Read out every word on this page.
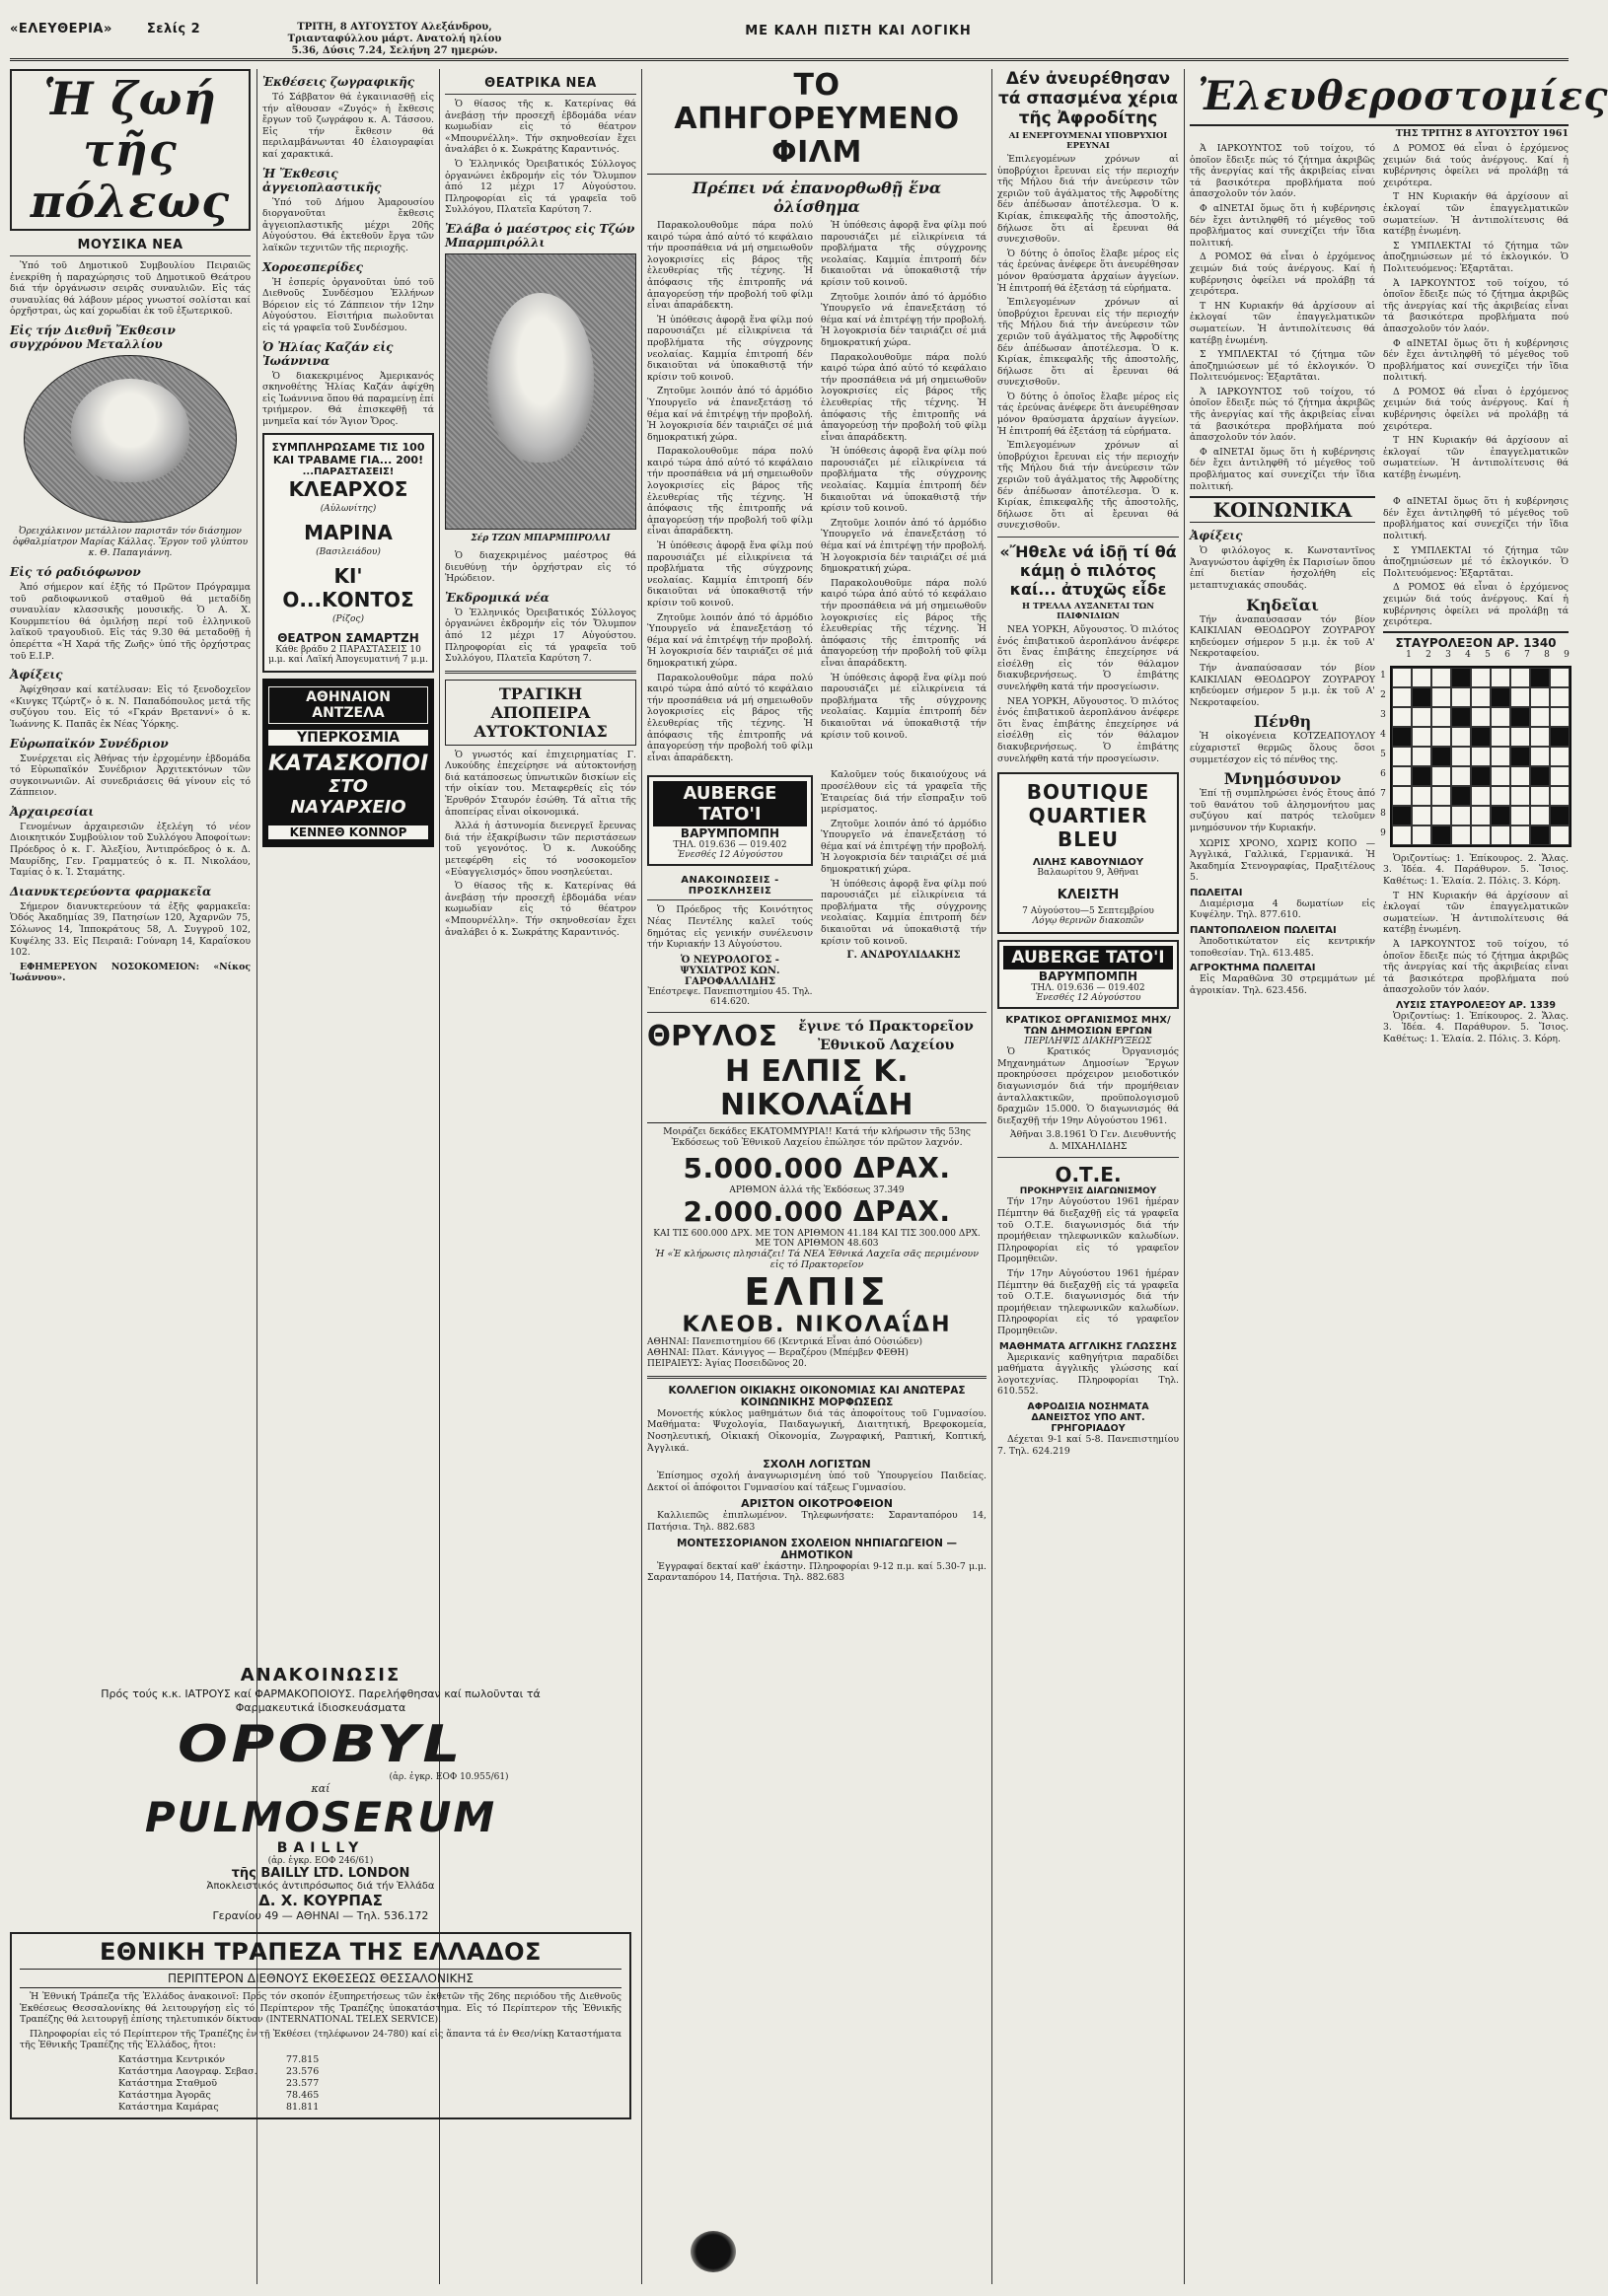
«ΕΛΕΥΘΕΡΙΑ»	Σελίς 2	ΤΡΙΤΗ, 8 ΑΥΓΟΥΣΤΟΥ Αλεξάνδρου, Τριανταφύλλου μάρτ. Ανατολή ηλίου 5.36, Δύσις 7.24, Σελήνη 27 ημερών.
ΜΕ ΚΑΛΗ ΠΙΣΤΗ ΚΑΙ ΛΟΓΙΚΗ
Ἡ ζωή τῆς πόλεως
ΜΟΥΣΙΚΑ ΝΕΑ

Ὑπό τοῦ Δημοτικοῦ Συμβουλίου Πειραιῶς ἐνεκρίθη ἡ παραχώρησις τοῦ Δημοτικοῦ Θεάτρου διά τήν ὀργάνωσιν σειρᾶς συναυλιῶν. Εἰς τάς συναυλίας θά λάβουν μέρος γνωστοί σολίσται καί ὀρχῆστραι, ὡς καί χορωδίαι ἐκ τοῦ ἐξωτερικοῦ.

Εἰς τήν Διεθνῆ Ἔκθεσιν συγχρόνου Μεταλλίου
Ὀρειχάλκινον μετάλλιον παριστᾶν τόν διάσημον ὀφθαλμίατρον Μαρίας Κάλλας. Ἔργον τοῦ γλύπτου κ. Θ. Παπαγιάννη.
Εἰς τό ραδιόφωνον

Ἀπό σήμερον καί ἑξῆς τό Πρῶτον Πρόγραμμα τοῦ ραδιοφωνικοῦ σταθμοῦ θά μεταδίδῃ συναυλίαν κλασσικῆς μουσικῆς. Ὁ Α. Χ. Κουρμπετίου θά ὁμιλήσῃ περί τοῦ ἑλληνικοῦ λαϊκοῦ τραγουδιοῦ. Εἰς τάς 9.30 θά μεταδοθῇ ἡ ὀπερέττα «Ἡ Χαρά τῆς Ζωῆς» ὑπό τῆς ὀρχήστρας τοῦ Ε.Ι.Ρ.

Ἀφίξεις

Ἀφίχθησαν καί κατέλυσαν: Εἰς τό ξενοδοχεῖον «Κινγκς Τζώρτζ» ὁ κ. Ν. Παπαδόπουλος μετά τῆς συζύγου του. Εἰς τό «Γκράν Βρεταννί» ὁ κ. Ἰωάννης Κ. Παπᾶς ἐκ Νέας Ὑόρκης.

Εὐρωπαϊκόν Συνέδριον

Συνέρχεται εἰς Ἀθήνας τήν ἐρχομένην ἑβδομάδα τό Εὐρωπαϊκόν Συνέδριον Ἀρχιτεκτόνων τῶν συγκοινωνιῶν. Αἱ συνεδριάσεις θά γίνουν εἰς τό Ζάππειον.

Ἀρχαιρεσίαι

Γενομένων ἀρχαιρεσιῶν ἐξελέγη τό νέον Διοικητικόν Συμβούλιον τοῦ Συλλόγου Ἀποφοίτων: Πρόεδρος ὁ κ. Γ. Ἀλεξίου, Ἀντιπρόεδρος ὁ κ. Δ. Μαυρίδης, Γεν. Γραμματεύς ὁ κ. Π. Νικολάου, Ταμίας ὁ κ. Ἰ. Σταμάτης.

Διανυκτερεύοντα φαρμακεῖα

Σήμερον διανυκτερεύουν τά ἑξῆς φαρμακεῖα: Ὁδός Ἀκαδημίας 39, Πατησίων 120, Ἀχαρνῶν 75, Σόλωνος 14, Ἱπποκράτους 58, Λ. Συγγροῦ 102, Κυψέλης 33. Εἰς Πειραιᾶ: Γούναρη 14, Καραΐσκου 102.

ΕΦΗΜΕΡΕΥΟΝ ΝΟΣΟΚΟΜΕΙΟΝ: «Νίκος Ἰωάννου».

Ἐκθέσεις ζωγραφικῆς

Τό Σάββατον θά ἐγκαινιασθῇ εἰς τήν αἴθουσαν «Ζυγός» ἡ ἔκθεσις ἔργων τοῦ ζωγράφου κ. Α. Τάσσου. Εἰς τήν ἔκθεσιν θά περιλαμβάνωνται 40 ἐλαιογραφίαι καί χαρακτικά.

Ἡ Ἔκθεσις ἀγγειοπλαστικῆς

Ὑπό τοῦ Δήμου Ἀμαρουσίου διοργανοῦται ἔκθεσις ἀγγειοπλαστικῆς μέχρι 20ῆς Αὐγούστου. Θά ἐκτεθοῦν ἔργα τῶν λαϊκῶν τεχνιτῶν τῆς περιοχῆς.

Χοροεσπερίδες

Ἡ ἑσπερίς ὀργανοῦται ὑπό τοῦ Διεθνοῦς Συνδέσμου Ἑλλήνων Βόρειον εἰς τό Ζάππειον τήν 12ην Αὐγούστου. Εἰσιτήρια πωλοῦνται εἰς τά γραφεῖα τοῦ Συνδέσμου.

Ὁ Ἠλίας Καζάν εἰς Ἰωάννινα

Ὁ διακεκριμένος Ἀμερικανός σκηνοθέτης Ἠλίας Καζάν ἀφίχθη εἰς Ἰωάννινα ὅπου θά παραμείνῃ ἐπί τριήμερον. Θά ἐπισκεφθῇ τά μνημεῖα καί τόν Ἅγιον Ὄρος.

ΣΥΜΠΛΗΡΩΣΑΜΕ ΤΙΣ 100 ΚΑΙ ΤΡΑΒΑΜΕ ΓΙΑ... 200!
...ΠΑΡΑΣΤΑΣΕΙΣ!
ΚΛΕΑΡΧΟΣ
(Αὐλωνίτης)
ΜΑΡΙΝΑ
(Βασιλειάδου)
ΚΙ' Ο...ΚΟΝΤΟΣ
(Ρίζος)
ΘΕΑΤΡΟΝ ΣΑΜΑΡΤΖΗ
Κάθε βράδυ 2 ΠΑΡΑΣΤΑΣΕΙΣ 10 μ.μ. καί Λαϊκή Ἀπογευματινή 7 μ.μ.
ΑΘΗΝΑΙΟΝ ΑΝΤΖΕΛΑ
ΥΠΕΡΚΟΣΜΙΑ
ΚΑΤΑΣΚΟΠΟΙ
ΣΤΟ ΝΑΥΑΡΧΕΙΟ
ΚΕΝΝΕΘ ΚΟΝΝΟΡ
ΘΕΑΤΡΙΚΑ ΝΕΑ

Ὁ θίασος τῆς κ. Κατερίνας θά ἀνεβάσῃ τήν προσεχῆ ἑβδομάδα νέαν κωμωδίαν εἰς τό θέατρον «Μπουρνέλλη». Τήν σκηνοθεσίαν ἔχει ἀναλάβει ὁ κ. Σωκράτης Καραντινός.

Ὁ Ἑλληνικός Ὀρειβατικός Σύλλογος ὀργανώνει ἐκδρομήν εἰς τόν Ὄλυμπον ἀπό 12 μέχρι 17 Αὐγούστου. Πληροφορίαι εἰς τά γραφεῖα τοῦ Συλλόγου, Πλατεῖα Καρύτση 7.

Ἐλάβα ὁ μαέστρος εἰς Τζών Μπαρμπιρόλλι
Σέρ ΤΖΩΝ ΜΠΑΡΜΠΙΡΟΛΛΙ

Ὁ διαχεκριμένος μαέστρος θά διευθύνῃ τήν ὀρχήστραν εἰς τό Ἡρώδειον.

Ἐκδρομικά νέα

Ὁ Ἑλληνικός Ὀρειβατικός Σύλλογος ὀργανώνει ἐκδρομήν εἰς τόν Ὄλυμπον ἀπό 12 μέχρι 17 Αὐγούστου. Πληροφορίαι εἰς τά γραφεῖα τοῦ Συλλόγου, Πλατεῖα Καρύτση 7.

ΤΡΑΓΙΚΗ ΑΠΟΠΕΙΡΑ ΑΥΤΟΚΤΟΝΙΑΣ

Ὁ γνωστός καί ἐπιχειρηματίας Γ. Λυκούδης ἐπεχείρησε νά αὐτοκτονήσῃ διά κατάποσεως ὑπνωτικῶν δισκίων εἰς τήν οἰκίαν του. Μεταφερθείς εἰς τόν Ἐρυθρόν Σταυρόν ἐσώθη. Τά αἴτια τῆς ἀποπείρας εἶναι οἰκονομικά.

Ἀλλά ἡ ἀστυνομία διενεργεῖ ἔρευνας διά τήν ἐξακρίβωσιν τῶν περιστάσεων τοῦ γεγονότος. Ὁ κ. Λυκούδης μετεφέρθη εἰς τό νοσοκομεῖον «Εὐαγγελισμός» ὅπου νοσηλεύεται.

Ὁ θίασος τῆς κ. Κατερίνας θά ἀνεβάσῃ τήν προσεχῆ ἑβδομάδα νέαν κωμωδίαν εἰς τό θέατρον «Μπουρνέλλη». Τήν σκηνοθεσίαν ἔχει ἀναλάβει ὁ κ. Σωκράτης Καραντινός.

ΑΝΑΚΟΙΝΩΣΙΣ
Πρός τούς κ.κ. ΙΑΤΡΟΥΣ καί ΦΑΡΜΑΚΟΠΟΙΟΥΣ. Παρελήφθησαν καί πωλοῦνται τά Φαρμακευτικά ἰδιοσκευάσματα
OPOBYL
(ἀρ. ἐγκρ. ΕΟΦ 10.955/61)
καί
PULMOSERUM
BAILLY
(ἀρ. ἐγκρ. ΕΟΦ 246/61)
τῆς BAILLY LTD. LONDON
Ἀποκλειστικός ἀντιπρόσωπος διά τήν Ἑλλάδα
Δ. Χ. ΚΟΥΡΠΑΣ
Γερανίου 49 — ΑΘΗΝΑΙ — Τηλ. 536.172
ΕΘΝΙΚΗ ΤΡΑΠΕΖΑ ΤΗΣ ΕΛΛΑΔΟΣ
ΠΕΡΙΠΤΕΡΟΝ ΔΙΕΘΝΟΥΣ ΕΚΘΕΣΕΩΣ ΘΕΣΣΑΛΟΝΙΚΗΣ

Ἡ Ἐθνική Τράπεζα τῆς Ἑλλάδος ἀνακοινοῖ: Πρός τόν σκοπόν ἐξυπηρετήσεως τῶν ἐκθετῶν τῆς 26ης περιόδου τῆς Διεθνοῦς Ἐκθέσεως Θεσσαλονίκης θά λειτουργήσῃ εἰς τό Περίπτερον τῆς Τραπέζης ὑποκατάστημα. Εἰς τό Περίπτερον τῆς Ἐθνικῆς Τραπέζης θά λειτουργῇ ἐπίσης τηλετυπικόν δίκτυον (INTERNATIONAL TELEX SERVICE).

Πληροφορίαι εἰς τό Περίπτερον τῆς Τραπέζης ἐν τῇ Ἐκθέσει (τηλέφωνον 24-780) καί εἰς ἅπαντα τά ἐν Θεσ/νίκῃ Καταστήματα τῆς Ἐθνικῆς Τραπέζης τῆς Ἑλλάδος, ἤτοι:

Κατάστημα Κεντρικόν	77.815
Κατάστημα Λαογραφ. Σεβασ.	23.576
Κατάστημα Σταθμοῦ	23.577
Κατάστημα Ἀγορᾶς	78.465
Κατάστημα Καμάρας	81.811
ΤΟ ΑΠΗΓΟΡΕΥΜΕΝΟ ΦΙΛΜ
Πρέπει νά ἐπανορθωθῇ ἕνα ὀλίσθημα

Παρακολουθοῦμε πάρα πολύ καιρό τώρα ἀπό αὐτό τό κεφάλαιο τήν προσπάθεια νά μή σημειωθοῦν λογοκρισίες εἰς βάρος τῆς ἐλευθερίας τῆς τέχνης. Ἡ ἀπόφασις τῆς ἐπιτροπῆς νά ἀπαγορεύσῃ τήν προβολή τοῦ φίλμ εἶναι ἀπαράδεκτη.

Ἡ ὑπόθεσις ἀφορᾷ ἕνα φίλμ πού παρουσιάζει μέ εἰλικρίνεια τά προβλήματα τῆς σύγχρονης νεολαίας. Καμμία ἐπιτροπή δέν δικαιοῦται νά ὑποκαθιστᾷ τήν κρίσιν τοῦ κοινοῦ.

Ζητοῦμε λοιπόν ἀπό τό ἁρμόδιο Ὑπουργεῖο νά ἐπανεξετάσῃ τό θέμα καί νά ἐπιτρέψῃ τήν προβολή. Ἡ λογοκρισία δέν ταιριάζει σέ μιά δημοκρατική χώρα.

Παρακολουθοῦμε πάρα πολύ καιρό τώρα ἀπό αὐτό τό κεφάλαιο τήν προσπάθεια νά μή σημειωθοῦν λογοκρισίες εἰς βάρος τῆς ἐλευθερίας τῆς τέχνης. Ἡ ἀπόφασις τῆς ἐπιτροπῆς νά ἀπαγορεύσῃ τήν προβολή τοῦ φίλμ εἶναι ἀπαράδεκτη.

Ἡ ὑπόθεσις ἀφορᾷ ἕνα φίλμ πού παρουσιάζει μέ εἰλικρίνεια τά προβλήματα τῆς σύγχρονης νεολαίας. Καμμία ἐπιτροπή δέν δικαιοῦται νά ὑποκαθιστᾷ τήν κρίσιν τοῦ κοινοῦ.

Ζητοῦμε λοιπόν ἀπό τό ἁρμόδιο Ὑπουργεῖο νά ἐπανεξετάσῃ τό θέμα καί νά ἐπιτρέψῃ τήν προβολή. Ἡ λογοκρισία δέν ταιριάζει σέ μιά δημοκρατική χώρα.

Παρακολουθοῦμε πάρα πολύ καιρό τώρα ἀπό αὐτό τό κεφάλαιο τήν προσπάθεια νά μή σημειωθοῦν λογοκρισίες εἰς βάρος τῆς ἐλευθερίας τῆς τέχνης. Ἡ ἀπόφασις τῆς ἐπιτροπῆς νά ἀπαγορεύσῃ τήν προβολή τοῦ φίλμ εἶναι ἀπαράδεκτη.

Ἡ ὑπόθεσις ἀφορᾷ ἕνα φίλμ πού παρουσιάζει μέ εἰλικρίνεια τά προβλήματα τῆς σύγχρονης νεολαίας. Καμμία ἐπιτροπή δέν δικαιοῦται νά ὑποκαθιστᾷ τήν κρίσιν τοῦ κοινοῦ.

Ζητοῦμε λοιπόν ἀπό τό ἁρμόδιο Ὑπουργεῖο νά ἐπανεξετάσῃ τό θέμα καί νά ἐπιτρέψῃ τήν προβολή. Ἡ λογοκρισία δέν ταιριάζει σέ μιά δημοκρατική χώρα.

Παρακολουθοῦμε πάρα πολύ καιρό τώρα ἀπό αὐτό τό κεφάλαιο τήν προσπάθεια νά μή σημειωθοῦν λογοκρισίες εἰς βάρος τῆς ἐλευθερίας τῆς τέχνης. Ἡ ἀπόφασις τῆς ἐπιτροπῆς νά ἀπαγορεύσῃ τήν προβολή τοῦ φίλμ εἶναι ἀπαράδεκτη.

Ἡ ὑπόθεσις ἀφορᾷ ἕνα φίλμ πού παρουσιάζει μέ εἰλικρίνεια τά προβλήματα τῆς σύγχρονης νεολαίας. Καμμία ἐπιτροπή δέν δικαιοῦται νά ὑποκαθιστᾷ τήν κρίσιν τοῦ κοινοῦ.

Ζητοῦμε λοιπόν ἀπό τό ἁρμόδιο Ὑπουργεῖο νά ἐπανεξετάσῃ τό θέμα καί νά ἐπιτρέψῃ τήν προβολή. Ἡ λογοκρισία δέν ταιριάζει σέ μιά δημοκρατική χώρα.

Παρακολουθοῦμε πάρα πολύ καιρό τώρα ἀπό αὐτό τό κεφάλαιο τήν προσπάθεια νά μή σημειωθοῦν λογοκρισίες εἰς βάρος τῆς ἐλευθερίας τῆς τέχνης. Ἡ ἀπόφασις τῆς ἐπιτροπῆς νά ἀπαγορεύσῃ τήν προβολή τοῦ φίλμ εἶναι ἀπαράδεκτη.

Ἡ ὑπόθεσις ἀφορᾷ ἕνα φίλμ πού παρουσιάζει μέ εἰλικρίνεια τά προβλήματα τῆς σύγχρονης νεολαίας. Καμμία ἐπιτροπή δέν δικαιοῦται νά ὑποκαθιστᾷ τήν κρίσιν τοῦ κοινοῦ.

AUBERGE TATO'I
ΒΑΡΥΜΠΟΜΠΗ
ΤΗΛ. 019.636 — 019.402
Ἐνεσθές 12 Αὐγούστου
ΑΝΑΚΟΙΝΩΣΕΙΣ - ΠΡΟΣΚΛΗΣΕΙΣ

Ὁ Πρόεδρος τῆς Κοινότητος Νέας Πεντέλης καλεῖ τούς δημότας εἰς γενικήν συνέλευσιν τήν Κυριακήν 13 Αὐγούστου.

Ὁ ΝΕΥΡΟΛΟΓΟΣ - ΨΥΧΙΑΤΡΟΣ ΚΩΝ. ΓΑΡΟΦΑΛΛΙΔΗΣ
Ἐπέστρεψε. Πανεπιστημίου 45. Τηλ. 614.620.

Καλοῦμεν τούς δικαιούχους νά προσέλθουν εἰς τά γραφεῖα τῆς Ἑταιρείας διά τήν εἴσπραξιν τοῦ μερίσματος.

Ζητοῦμε λοιπόν ἀπό τό ἁρμόδιο Ὑπουργεῖο νά ἐπανεξετάσῃ τό θέμα καί νά ἐπιτρέψῃ τήν προβολή. Ἡ λογοκρισία δέν ταιριάζει σέ μιά δημοκρατική χώρα.

Ἡ ὑπόθεσις ἀφορᾷ ἕνα φίλμ πού παρουσιάζει μέ εἰλικρίνεια τά προβλήματα τῆς σύγχρονης νεολαίας. Καμμία ἐπιτροπή δέν δικαιοῦται νά ὑποκαθιστᾷ τήν κρίσιν τοῦ κοινοῦ.

Γ. ΑΝΔΡΟΥΛΙΔΑΚΗΣ
ΘΡΥΛΟΣ	ἔγινε τό Πρακτορεῖον Ἐθνικοῦ Λαχείου
Η ΕΛΠΙΣ Κ. ΝΙΚΟΛΑΐΔΗ
Μοιράζει δεκάδες ΕΚΑΤΟΜΜΥΡΙΑ!! Κατά τήν κλήρωσιν τῆς 53ης Ἐκδόσεως τοῦ Ἐθνικοῦ Λαχείου ἐπώλησε τόν πρῶτον λαχνόν.
5.000.000 ΔΡΑΧ.
ΑΡΙΘΜΟΝ ἀλλά τῆς Ἐκδόσεως 37.349
2.000.000 ΔΡΑΧ.
ΚΑΙ ΤΙΣ 600.000 ΔΡΧ. ΜΕ ΤΟΝ ΑΡΙΘΜΟΝ 41.184 ΚΑΙ ΤΙΣ 300.000 ΔΡΧ. ΜΕ ΤΟΝ ΑΡΙΘΜΟΝ 48.603
Ἡ «Ἐ κλήρωσις πλησιάζει! Τά ΝΕΑ Ἐθνικά Λαχεῖα σᾶς περιμένουν εἰς τό Πρακτορεῖον
ΕΛΠΙΣ
ΚΛΕΟΒ. ΝΙΚΟΛΑΐΔΗ
ΑΘΗΝΑΙ: Πανεπιστημίου 66 (Κεντρικά Εἶναι ἀπό Οὐσιώδεν)
ΑΘΗΝΑΙ: Πλατ. Κάνιγγος — Βεραζέρου (Μπέμβεν ΦΕΘΗ)
ΠΕΙΡΑΙΕΥΣ: Ἀγίας Ποσειδῶνος 20.
ΚΟΛΛΕΓΙΟΝ ΟΙΚΙΑΚΗΣ ΟΙΚΟΝΟΜΙΑΣ ΚΑΙ ΑΝΩΤΕΡΑΣ ΚΟΙΝΩΝΙΚΗΣ ΜΟΡΦΩΣΕΩΣ

Μονοετής κύκλος μαθημάτων διά τάς ἀποφοίτους τοῦ Γυμνασίου. Μαθήματα: Ψυχολογία, Παιδαγωγική, Διαιτητική, Βρεφοκομεία, Νοσηλευτική, Οἰκιακή Οἰκονομία, Ζωγραφική, Ραπτική, Κοπτική, Ἀγγλικά.

ΣΧΟΛΗ ΛΟΓΙΣΤΩΝ

Ἐπίσημος σχολή ἀναγνωρισμένη ὑπό τοῦ Ὑπουργείου Παιδείας. Δεκτοί οἱ ἀπόφοιτοι Γυμνασίου καί τάξεως Γυμνασίου.

ΑΡΙΣΤΟΝ ΟΙΚΟΤΡΟΦΕΙΟΝ

Καλλιεπῶς ἐπιπλωμένον. Τηλεφωνήσατε: Σαρανταπόρου 14, Πατήσια. Τηλ. 882.683

ΜΟΝΤΕΣΣΟΡΙΑΝΟΝ ΣΧΟΛΕΙΟΝ ΝΗΠΙΑΓΩΓΕΙΟΝ — ΔΗΜΟΤΙΚΟΝ

Ἐγγραφαί δεκταί καθ' ἑκάστην. Πληροφορίαι 9-12 π.μ. καί 5.30-7 μ.μ. Σαρανταπόρου 14, Πατήσια. Τηλ. 882.683

Δέν ἀνευρέθησαν τά σπασμένα χέρια τῆς Ἀφροδίτης
ΑΙ ΕΝΕΡΓΟΥΜΕΝΑΙ ΥΠΟΒΡΥΧΙΟΙ ΕΡΕΥΝΑΙ

Ἐπιλεγομένων χρόνων αἱ ὑποβρύχιοι ἔρευναι εἰς τήν περιοχήν τῆς Μήλου διά τήν ἀνεύρεσιν τῶν χεριῶν τοῦ ἀγάλματος τῆς Ἀφροδίτης δέν ἀπέδωσαν ἀποτέλεσμα. Ὁ κ. Κιρίακ, ἐπικεφαλῆς τῆς ἀποστολῆς, δήλωσε ὅτι αἱ ἔρευναι θά συνεχισθοῦν.

Ὁ δύτης ὁ ὁποῖος ἔλαβε μέρος εἰς τάς ἐρεύνας ἀνέφερε ὅτι ἀνευρέθησαν μόνον θραύσματα ἀρχαίων ἀγγείων. Ἡ ἐπιτροπή θά ἐξετάσῃ τά εὑρήματα.

Ἐπιλεγομένων χρόνων αἱ ὑποβρύχιοι ἔρευναι εἰς τήν περιοχήν τῆς Μήλου διά τήν ἀνεύρεσιν τῶν χεριῶν τοῦ ἀγάλματος τῆς Ἀφροδίτης δέν ἀπέδωσαν ἀποτέλεσμα. Ὁ κ. Κιρίακ, ἐπικεφαλῆς τῆς ἀποστολῆς, δήλωσε ὅτι αἱ ἔρευναι θά συνεχισθοῦν.

Ὁ δύτης ὁ ὁποῖος ἔλαβε μέρος εἰς τάς ἐρεύνας ἀνέφερε ὅτι ἀνευρέθησαν μόνον θραύσματα ἀρχαίων ἀγγείων. Ἡ ἐπιτροπή θά ἐξετάσῃ τά εὑρήματα.

Ἐπιλεγομένων χρόνων αἱ ὑποβρύχιοι ἔρευναι εἰς τήν περιοχήν τῆς Μήλου διά τήν ἀνεύρεσιν τῶν χεριῶν τοῦ ἀγάλματος τῆς Ἀφροδίτης δέν ἀπέδωσαν ἀποτέλεσμα. Ὁ κ. Κιρίακ, ἐπικεφαλῆς τῆς ἀποστολῆς, δήλωσε ὅτι αἱ ἔρευναι θά συνεχισθοῦν.

«Ἤθελε νά ἰδῇ τί θά κάμῃ ὁ πιλότος καί... ἀτυχῶς εἶδε
Η ΤΡΕΛΛΑ ΑΥΞΑΝΕΤΑΙ ΤΩΝ ΠΑΙΦΝΙΔΙΩΝ

ΝΕΑ ΥΟΡΚΗ, Αὔγουστος. Ὁ πιλότος ἑνός ἐπιβατικοῦ ἀεροπλάνου ἀνέφερε ὅτι ἕνας ἐπιβάτης ἐπεχείρησε νά εἰσέλθῃ εἰς τόν θάλαμον διακυβερνήσεως. Ὁ ἐπιβάτης συνελήφθη κατά τήν προσγείωσιν.

ΝΕΑ ΥΟΡΚΗ, Αὔγουστος. Ὁ πιλότος ἑνός ἐπιβατικοῦ ἀεροπλάνου ἀνέφερε ὅτι ἕνας ἐπιβάτης ἐπεχείρησε νά εἰσέλθῃ εἰς τόν θάλαμον διακυβερνήσεως. Ὁ ἐπιβάτης συνελήφθη κατά τήν προσγείωσιν.

BOUTIQUE QUARTIER BLEU
ΛΙΛΗΣ ΚΑΒΟΥΝΙΔΟΥ
Βαλαωρίτου 9, Ἀθῆναι
ΚΛΕΙΣΤΗ
7 Αὐγούστου—5 Σεπτεμβρίου
Λόγῳ θερινῶν διακοπῶν
AUBERGE TATO'I
ΒΑΡΥΜΠΟΜΠΗ
ΤΗΛ. 019.636 — 019.402
Ἐνεσθές 12 Αὐγούστου
ΚΡΑΤΙΚΟΣ ΟΡΓΑΝΙΣΜΟΣ ΜΗΧ/ΤΩΝ ΔΗΜΟΣΙΩΝ ΕΡΓΩΝ
ΠΕΡΙΛΗΨΙΣ ΔΙΑΚΗΡΥΞΕΩΣ

Ὁ Κρατικός Ὀργανισμός Μηχανημάτων Δημοσίων Ἔργων προκηρύσσει πρόχειρον μειοδοτικόν διαγωνισμόν διά τήν προμήθειαν ἀνταλλακτικῶν, προϋπολογισμοῦ δραχμῶν 15.000. Ὁ διαγωνισμός θά διεξαχθῇ τήν 19ην Αὐγούστου 1961.

Ἀθῆναι 3.8.1961 Ὁ Γεν. Διευθυντής Δ. ΜΙΧΑΗΛΙΔΗΣ

Ο.Τ.Ε.
ΠΡΟΚΗΡΥΞΙΣ ΔΙΑΓΩΝΙΣΜΟΥ

Τήν 17ην Αὐγούστου 1961 ἡμέραν Πέμπτην θά διεξαχθῇ εἰς τά γραφεῖα τοῦ Ο.Τ.Ε. διαγωνισμός διά τήν προμήθειαν τηλεφωνικῶν καλωδίων. Πληροφορίαι εἰς τό γραφεῖον Προμηθειῶν.

Τήν 17ην Αὐγούστου 1961 ἡμέραν Πέμπτην θά διεξαχθῇ εἰς τά γραφεῖα τοῦ Ο.Τ.Ε. διαγωνισμός διά τήν προμήθειαν τηλεφωνικῶν καλωδίων. Πληροφορίαι εἰς τό γραφεῖον Προμηθειῶν.

ΜΑΘΗΜΑΤΑ ΑΓΓΛΙΚΗΣ ΓΛΩΣΣΗΣ

Ἀμερικανίς καθηγήτρια παραδίδει μαθήματα ἀγγλικῆς γλώσσης καί λογοτεχνίας. Πληροφορίαι Τηλ. 610.552.

ΑΦΡΟΔΙΣΙΑ ΝΟΣΗΜΑΤΑ ΔΑΝΕΙΣΤΟΣ ΥΠΟ ΑΝΤ. ΓΡΗΓΟΡΙΑΔΟΥ

Δέχεται 9-1 καί 5-8. Πανεπιστημίου 7. Τηλ. 624.219

Ἐλευθεροστομίες
ΤΗΣ ΤΡΙΤΗΣ 8 ΑΥΓΟΥΣΤΟΥ 1961

Ἀ ΙΑΡΚΟΥΝΤΟΣ τοῦ τοίχου, τό ὁποῖον ἔδειξε πώς τό ζήτημα ἀκριβῶς τῆς ἀνεργίας καί τῆς ἀκριβείας εἶναι τά βασικότερα προβλήματα πού ἀπασχολοῦν τόν λαόν.

Φ αΙΝΕΤΑΙ ὅμως ὅτι ἡ κυβέρνησις δέν ἔχει ἀντιληφθῆ τό μέγεθος τοῦ προβλήματος καί συνεχίζει τήν ἴδια πολιτική.

Δ ΡΟΜΟΣ θά εἶναι ὁ ἐρχόμενος χειμών διά τούς ἀνέργους. Καί ἡ κυβέρνησις ὀφείλει νά προλάβῃ τά χειρότερα.

Τ ΗΝ Κυριακήν θά ἀρχίσουν αἱ ἐκλογαί τῶν ἐπαγγελματικῶν σωματείων. Ἡ ἀντιπολίτευσις θά κατέβῃ ἐνωμένη.

Σ ΥΜΠΛΕΚΤΑΙ τό ζήτημα τῶν ἀποζημιώσεων μέ τό ἐκλογικόν. Ὁ Πολιτευόμενος: Ἐξαρτᾶται.

Ἀ ΙΑΡΚΟΥΝΤΟΣ τοῦ τοίχου, τό ὁποῖον ἔδειξε πώς τό ζήτημα ἀκριβῶς τῆς ἀνεργίας καί τῆς ἀκριβείας εἶναι τά βασικότερα προβλήματα πού ἀπασχολοῦν τόν λαόν.

Φ αΙΝΕΤΑΙ ὅμως ὅτι ἡ κυβέρνησις δέν ἔχει ἀντιληφθῆ τό μέγεθος τοῦ προβλήματος καί συνεχίζει τήν ἴδια πολιτική.

Δ ΡΟΜΟΣ θά εἶναι ὁ ἐρχόμενος χειμών διά τούς ἀνέργους. Καί ἡ κυβέρνησις ὀφείλει νά προλάβῃ τά χειρότερα.

Τ ΗΝ Κυριακήν θά ἀρχίσουν αἱ ἐκλογαί τῶν ἐπαγγελματικῶν σωματείων. Ἡ ἀντιπολίτευσις θά κατέβῃ ἐνωμένη.

Σ ΥΜΠΛΕΚΤΑΙ τό ζήτημα τῶν ἀποζημιώσεων μέ τό ἐκλογικόν. Ὁ Πολιτευόμενος: Ἐξαρτᾶται.

Ἀ ΙΑΡΚΟΥΝΤΟΣ τοῦ τοίχου, τό ὁποῖον ἔδειξε πώς τό ζήτημα ἀκριβῶς τῆς ἀνεργίας καί τῆς ἀκριβείας εἶναι τά βασικότερα προβλήματα πού ἀπασχολοῦν τόν λαόν.

Φ αΙΝΕΤΑΙ ὅμως ὅτι ἡ κυβέρνησις δέν ἔχει ἀντιληφθῆ τό μέγεθος τοῦ προβλήματος καί συνεχίζει τήν ἴδια πολιτική.

Δ ΡΟΜΟΣ θά εἶναι ὁ ἐρχόμενος χειμών διά τούς ἀνέργους. Καί ἡ κυβέρνησις ὀφείλει νά προλάβῃ τά χειρότερα.

Τ ΗΝ Κυριακήν θά ἀρχίσουν αἱ ἐκλογαί τῶν ἐπαγγελματικῶν σωματείων. Ἡ ἀντιπολίτευσις θά κατέβῃ ἐνωμένη.

ΚΟΙΝΩΝΙΚΑ
Ἀφίξεις

Ὁ φιλόλογος κ. Κωνσταντῖνος Ἀναγνώστου ἀφίχθη ἐκ Παρισίων ὅπου ἐπί διετίαν ἠσχολήθη εἰς μεταπτυχιακάς σπουδάς.

Κηδεῖαι

Τήν ἀναπαύσασαν τόν βίον ΚΑΙΚΙΛΙΑΝ ΘΕΟΔΩΡΟΥ ΖΟΥΡΑΡΟΥ κηδεύομεν σήμερον 5 μ.μ. ἐκ τοῦ Α' Νεκροταφείου.

Τήν ἀναπαύσασαν τόν βίον ΚΑΙΚΙΛΙΑΝ ΘΕΟΔΩΡΟΥ ΖΟΥΡΑΡΟΥ κηδεύομεν σήμερον 5 μ.μ. ἐκ τοῦ Α' Νεκροταφείου.

Πένθη

Ἡ οἰκογένεια ΚΟΤΖΕΑΠΟΥΛΟΥ εὐχαριστεῖ θερμῶς ὅλους ὅσοι συμμετέσχον εἰς τό πένθος της.

Μνημόσυνον

Ἐπί τῇ συμπληρώσει ἑνός ἔτους ἀπό τοῦ θανάτου τοῦ ἀλησμονήτου μας συζύγου καί πατρός τελοῦμεν μνημόσυνον τήν Κυριακήν.

ΧΩΡΙΣ ΧΡΟΝΟ, ΧΩΡΙΣ ΚΟΠΟ — Ἀγγλικά, Γαλλικά, Γερμανικά. Ἡ Ἀκαδημία Στενογραφίας, Πραξιτέλους 5.

ΠΩΛΕΙΤΑΙ

Διαμέρισμα 4 δωματίων εἰς Κυψέλην. Τηλ. 877.610.

ΠΑΝΤΟΠΩΛΕΙΟΝ ΠΩΛΕΙΤΑΙ

Ἀποδοτικώτατον εἰς κεντρικήν τοποθεσίαν. Τηλ. 613.485.

ΑΓΡΟΚΤΗΜΑ ΠΩΛΕΙΤΑΙ

Εἰς Μαραθῶνα 30 στρεμμάτων μέ ἀγροικίαν. Τηλ. 623.456.

Φ αΙΝΕΤΑΙ ὅμως ὅτι ἡ κυβέρνησις δέν ἔχει ἀντιληφθῆ τό μέγεθος τοῦ προβλήματος καί συνεχίζει τήν ἴδια πολιτική.

Σ ΥΜΠΛΕΚΤΑΙ τό ζήτημα τῶν ἀποζημιώσεων μέ τό ἐκλογικόν. Ὁ Πολιτευόμενος: Ἐξαρτᾶται.

Δ ΡΟΜΟΣ θά εἶναι ὁ ἐρχόμενος χειμών διά τούς ἀνέργους. Καί ἡ κυβέρνησις ὀφείλει νά προλάβῃ τά χειρότερα.

ΣΤΑΥΡΟΛΕΞΟΝ ΑΡ. 1340
1	2	3	4	5	6	7	8	9
1
2
3
4
5
6
7
8
9

Ὁριζοντίως: 1. Ἐπίκουρος. 2. Ἄλας. 3. Ἰδέα. 4. Παράθυρον. 5. Ἴσιος. Καθέτως: 1. Ἐλαία. 2. Πόλις. 3. Κόρη.

Τ ΗΝ Κυριακήν θά ἀρχίσουν αἱ ἐκλογαί τῶν ἐπαγγελματικῶν σωματείων. Ἡ ἀντιπολίτευσις θά κατέβῃ ἐνωμένη.

Ἀ ΙΑΡΚΟΥΝΤΟΣ τοῦ τοίχου, τό ὁποῖον ἔδειξε πώς τό ζήτημα ἀκριβῶς τῆς ἀνεργίας καί τῆς ἀκριβείας εἶναι τά βασικότερα προβλήματα πού ἀπασχολοῦν τόν λαόν.

ΛΥΣΙΣ ΣΤΑΥΡΟΛΕΞΟΥ ΑΡ. 1339

Ὁριζοντίως: 1. Ἐπίκουρος. 2. Ἄλας. 3. Ἰδέα. 4. Παράθυρον. 5. Ἴσιος. Καθέτως: 1. Ἐλαία. 2. Πόλις. 3. Κόρη.
